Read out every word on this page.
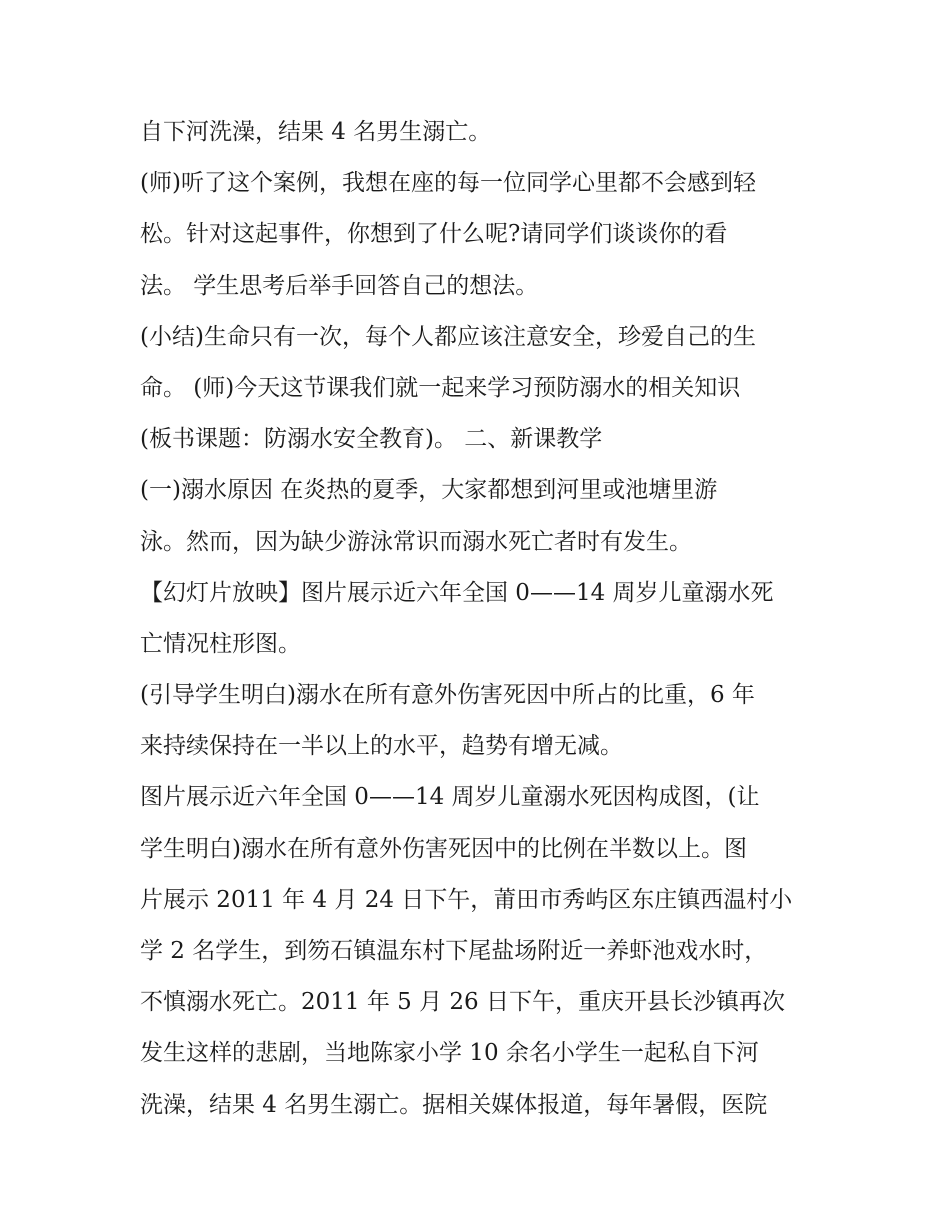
自下河洗澡，结果 4 名男生溺亡。
(师)听了这个案例，我想在座的每一位同学心里都不会感到轻
松。针对这起事件，你想到了什么呢?请同学们谈谈你的看
法。 学生思考后举手回答自己的想法。
(小结)生命只有一次，每个人都应该注意安全，珍爱自己的生
命。 (师)今天这节课我们就一起来学习预防溺水的相关知识
(板书课题：防溺水安全教育)。 二、新课教学
(一)溺水原因 在炎热的夏季，大家都想到河里或池塘里游
泳。然而，因为缺少游泳常识而溺水死亡者时有发生。
【幻灯片放映】图片展示近六年全国 0——14 周岁儿童溺水死
亡情况柱形图。
(引导学生明白)溺水在所有意外伤害死因中所占的比重，6 年
来持续保持在一半以上的水平，趋势有增无减。
图片展示近六年全国 0——14 周岁儿童溺水死因构成图，(让
学生明白)溺水在所有意外伤害死因中的比例在半数以上。图
片展示 2011 年 4 月 24 日下午，莆田市秀屿区东庄镇西温村小
学 2 名学生，到笏石镇温东村下尾盐场附近一养虾池戏水时，
不慎溺水死亡。2011 年 5 月 26 日下午，重庆开县长沙镇再次
发生这样的悲剧，当地陈家小学 10 余名小学生一起私自下河
洗澡，结果 4 名男生溺亡。据相关媒体报道，每年暑假，医院
